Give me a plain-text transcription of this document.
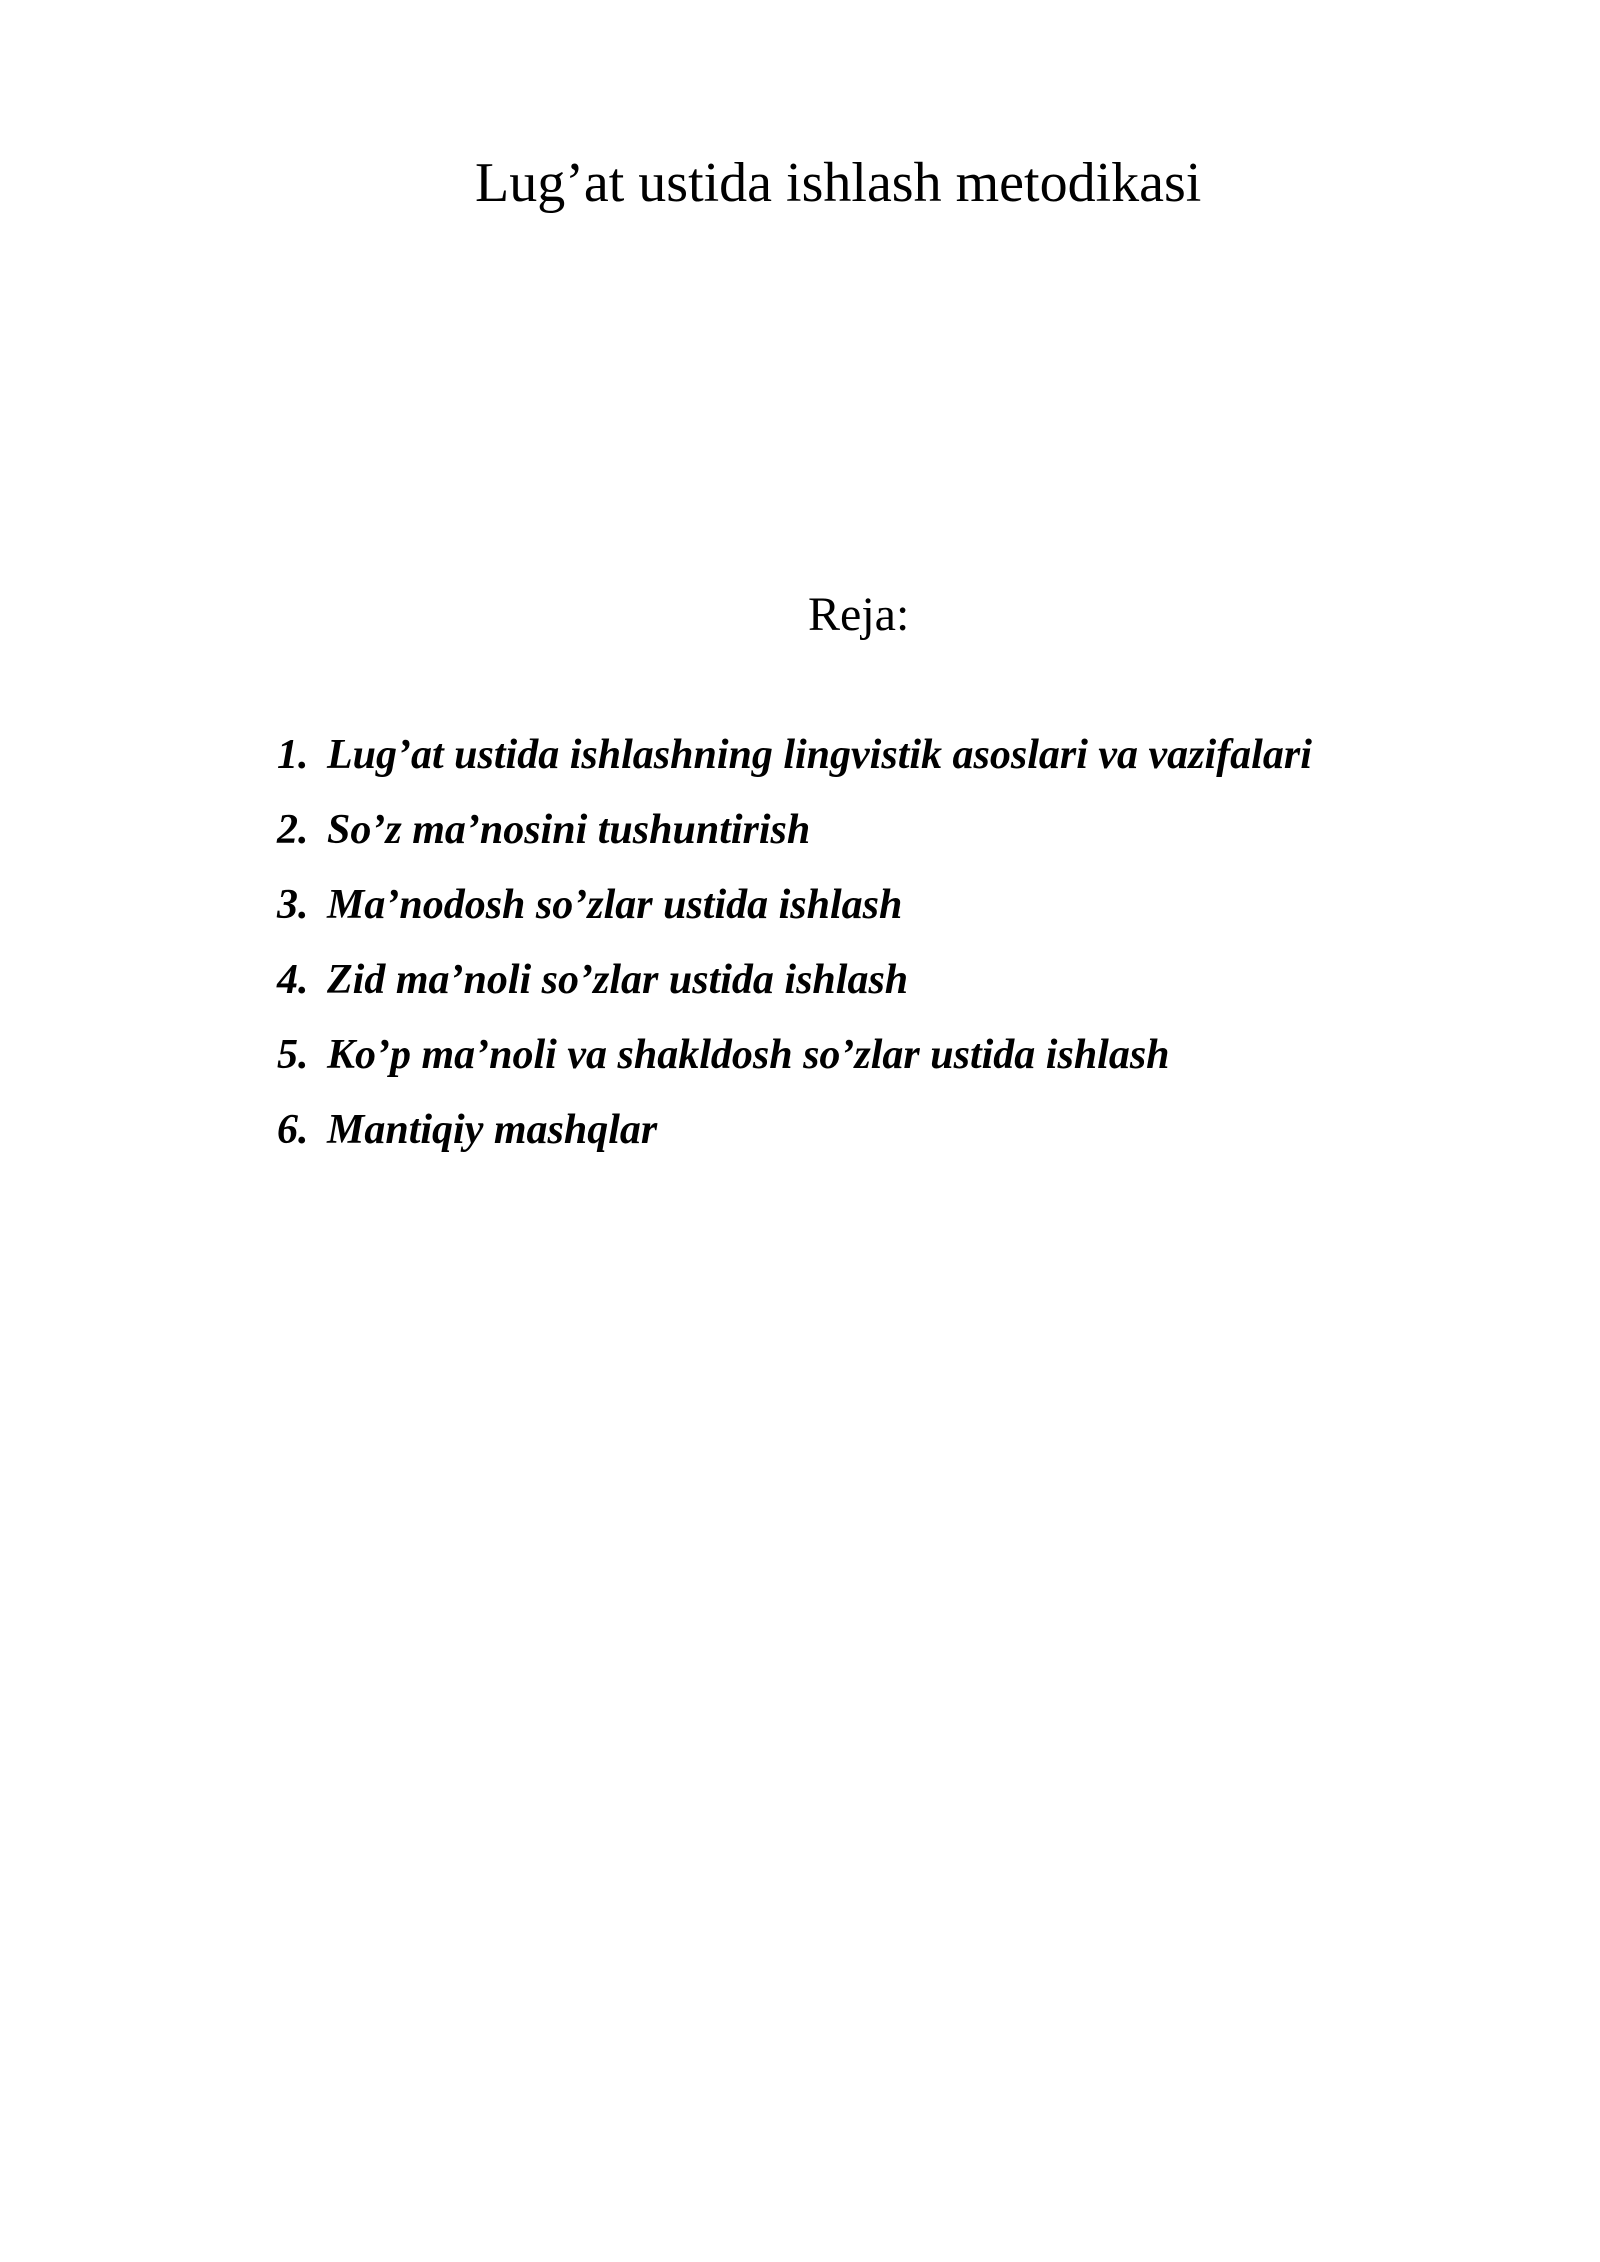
Lug’at ustida ishlash metodikasi
Reja:
1. Lug’at ustida ishlashning lingvistik asoslari va vazifalari
2. So’z ma’nosini tushuntirish
3. Ma’nodosh so’zlar ustida ishlash
4. Zid ma’noli so’zlar ustida ishlash
5. Ko’p ma’noli va shakldosh so’zlar ustida ishlash
6. Mantiqiy mashqlar
